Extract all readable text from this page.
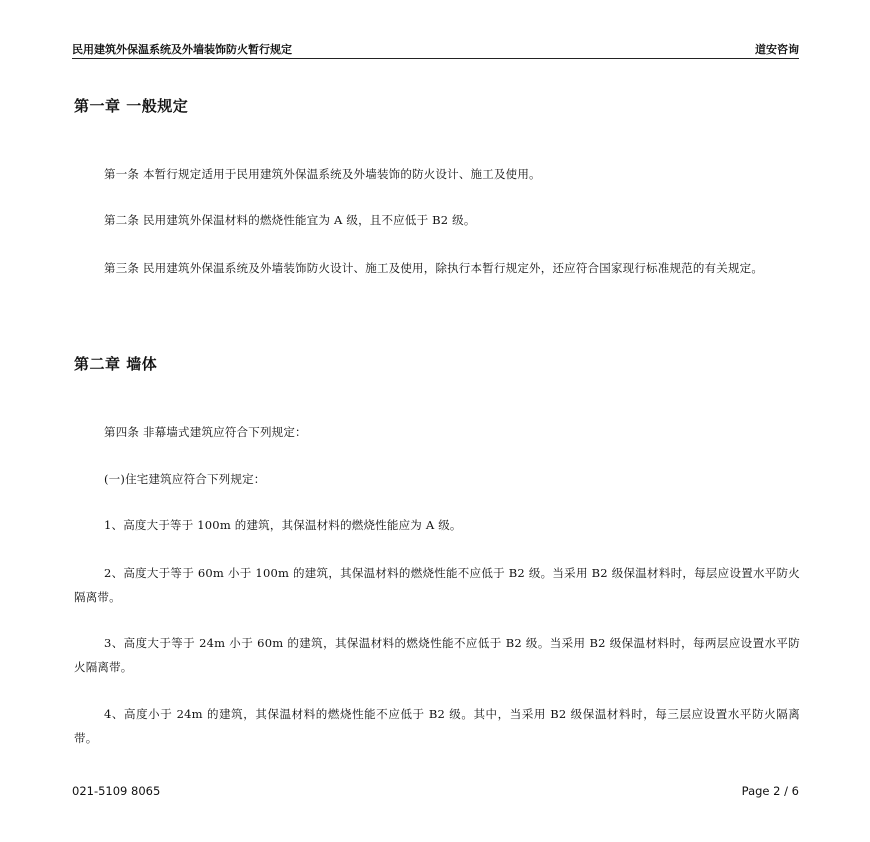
民用建筑外保温系统及外墙装饰防火暂行规定	道安咨询
第一章 一般规定
第一条 本暂行规定适用于民用建筑外保温系统及外墙装饰的防火设计、施工及使用。
第二条 民用建筑外保温材料的燃烧性能宜为 A 级，且不应低于 B2 级。
第三条 民用建筑外保温系统及外墙装饰防火设计、施工及使用，除执行本暂行规定外，还应符合国家现行标准规范的有关规定。
第二章 墙体
第四条 非幕墙式建筑应符合下列规定：
(一)住宅建筑应符合下列规定：
1、高度大于等于 100m 的建筑，其保温材料的燃烧性能应为 A 级。
2、高度大于等于 60m 小于 100m 的建筑，其保温材料的燃烧性能不应低于 B2 级。当采用 B2 级保温材料时，每层应设置水平防火隔离带。
3、高度大于等于 24m 小于 60m 的建筑，其保温材料的燃烧性能不应低于 B2 级。当采用 B2 级保温材料时，每两层应设置水平防火隔离带。
4、高度小于 24m 的建筑，其保温材料的燃烧性能不应低于 B2 级。其中，当采用 B2 级保温材料时，每三层应设置水平防火隔离带。
021-5109 8065	Page 2 / 6
